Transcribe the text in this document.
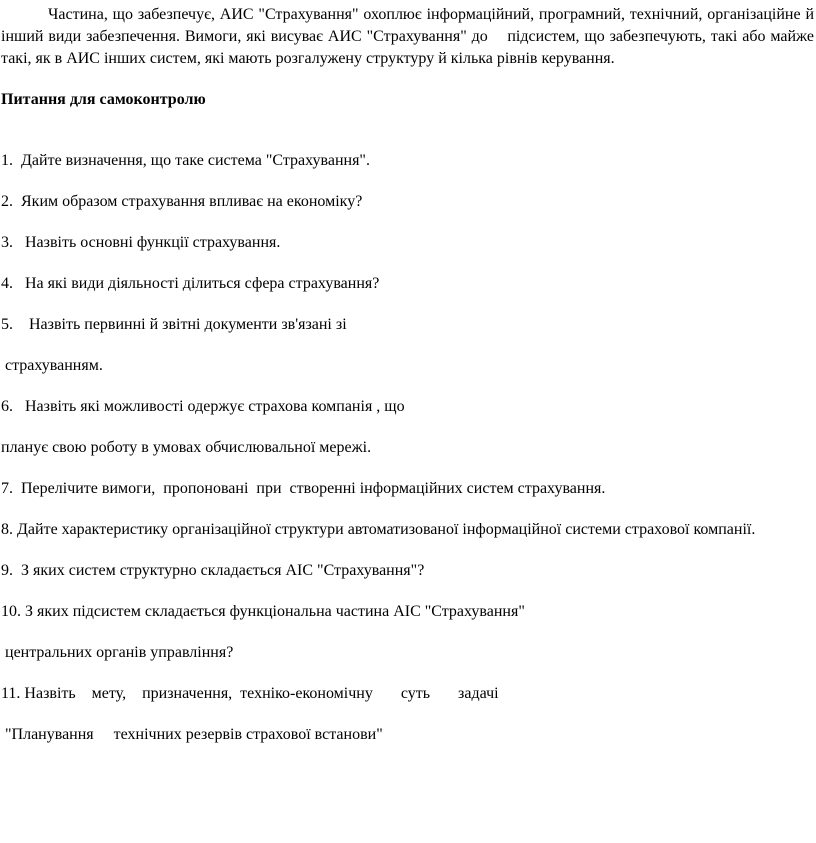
Частина, що забезпечує, АИС "Страхування" охоплює інформаційний, програмний, технічний, організаційне й інший види забезпечення. Вимоги, які висуває АИС "Страхування" до    підсистем, що забезпечують, такі або майже такі, як в АИС інших систем, які мають розгалужену структуру й кілька рівнів керування.

Питання для самоконтролю

1.  Дайте визначення, що таке система "Страхування".
2.  Яким образом страхування впливає на економіку?
3.   Назвіть основні функції страхування.
4.   На які види діяльності ділиться сфера страхування?
5.    Назвіть первинні й звітні документи зв'язані зі
страхуванням.
6.   Назвіть які можливості одержує страхова компанія , що
планує свою роботу в умовах обчислювальної мережі.
7.  Перелічите вимоги,  пропоновані  при  створенні інформаційних систем страхування.
8. Дайте характеристику організаційної структури автоматизованої інформаційної системи страхової компанії.
9.  З яких систем структурно складається АІС "Страхування"?
10. З яких підсистем складається функціональна частина АІС "Страхування"
центральних органів управління?
11. Назвіть    мету,    призначення,  техніко-економічну       суть       задачі
"Планування     технічних резервів страхової встанови"
